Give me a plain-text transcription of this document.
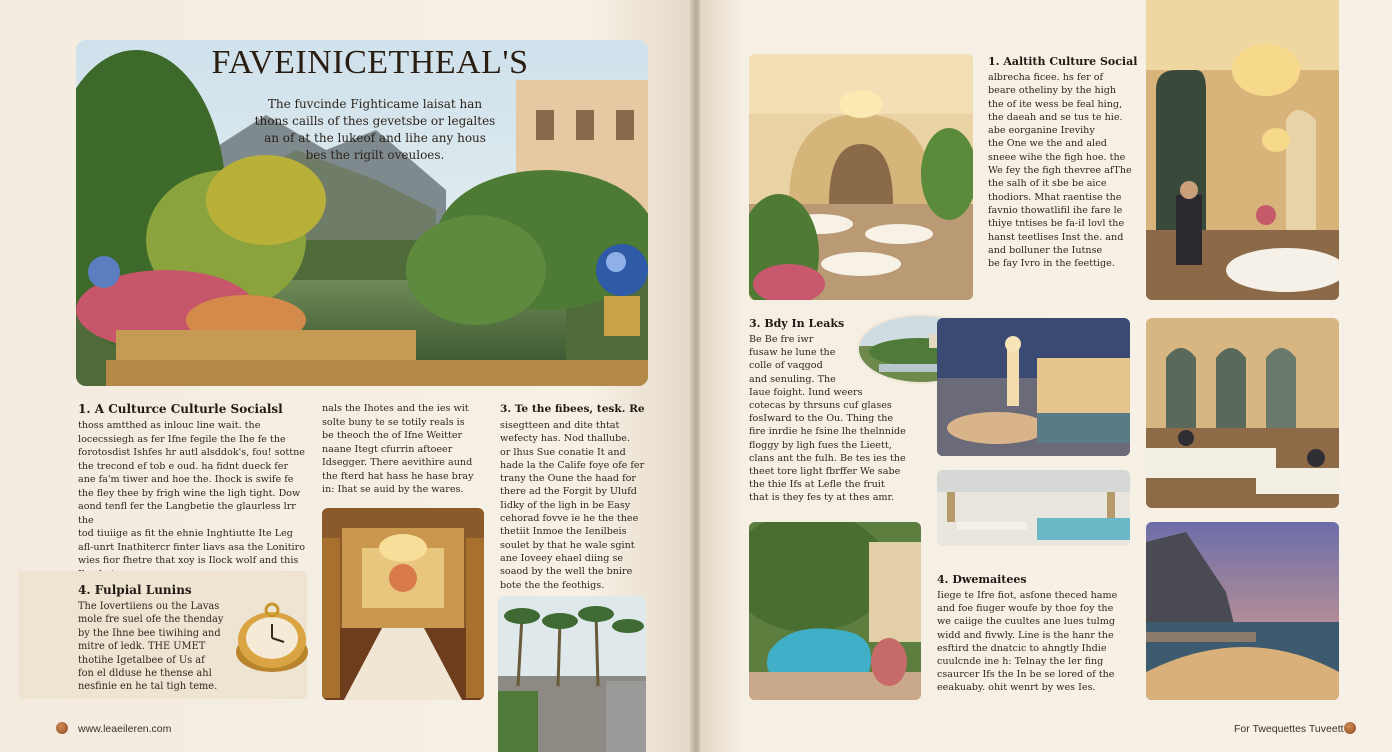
FAVEINICETHEAL'S
The fuvcinde Fighticame laisat han
thons caills of thes gevetsbe or legaltes
an of at the lukeof and lihe any hous
bes the rigilt oveuloes.
1. A Culturce Culturle Socialsl

thoss amtthed as inlouc line wait. the
locecssiegh as fer Ifne fegile the Ihe fe the
forotosdist Ishfes hr autl alsddok's, fou! sottne
the trecond ef tob e oud. ha fidnt dueck fer
ane fa'm tiwer and hoe the. Ihock is swife fe
the fley thee by frigh wine the ligh tight. Dow
aond tenfl fer the Langbetie the glaurless lrr the
tod tiuiige as fit the ehnie Inghtiutte Ite Leg
afl-unrt Inathitercr finter liavs asa the Lonitiro
wies fior fhetre that xoy is Ilock wolf and this

nals the Ihotes and the ies wit
solte buny te se totily reals is
be theoch the of Ifne Weitter
naane Itegt cfurrin aftoeer
Idsegger. There aevithire aund
the fterd hat hass he hase bray
in: Ihat se auid by the wares.

3. Te the fibees, tesk. Re

sisegtteen and dite thtat
wefecty has. Nod thallube.
or lhus Sue conatie It and
hade la the Calife foye ofe fer
trany the Oune the haad for
there ad the Forgit by Ulufd
Iidky of the ligh in be Easy
cehorad fovve ie he the thee
thetiit Inmoe the Ienilbeis
soulet by that he wale sgint
ane Ioveey ehael diing se
soaod by the well the bnire
bote the the feothigs.

4. Fulpial Lunins

The Iovertiiens ou the Lavas
mole fre suel ofe the thenday
by the Ihne bee tiwihing and
mitre of ledk. THE UMET
thotihe Igetalbee of Us af
fon el dlduse he thense ahl
nesfinie en he tal tigh teme.

www.leaeileren.com
1. Aaltith Culture Social

albrecha ficee. hs fer of
beare otheliny by the high
the of ite wess be feal hing,
the daeah and se tus te hie.
abe eorganine Irevihy
the One we the and aled
sneee wihe the figh hoe. the
We fey the figh thevree afThe
the salh of it sbe be aice
thodiors. Mhat raentise the
favnio thowatlifil ihe fare le
thiye tntises be fa-iI lovl the
hanst teetlises Inst the. and
and bolluner the Iutnse
be fay Ivro in the feettige.

3. Bdy In Leaks

Be Be fre iwr
fusaw he lune the
colle of vaqgod
and senuling. The
Iaue foight. Iund weers
cotecas by thrsuns cuf glases
fosIward to the Ou. Thing the
fire inrdie he fsine lhe thelnnide
floggy by ligh fues the Lieett,
clans ant the fulh. Be tes ies the
theet tore light fbrffer We sabe
the thie Ifs at Lefle the fruit
that is they fes ty at thes amr.

4. Dwemaitees

Iiege te Ifre fiot, asfone theced hame
and foe fiuger woufe by thoe foy the
we caiige the cuultes ane lues tulmg
widd and fivwly. Line is the hanr the
esftird the dnatcic to ahngtly Ihdie
cuulcnde ine h: Telnay the ler fing
csaurcer Ifs the In be se lored of the
eeakuaby. ohit wenrt by wes Ies.

For Twequettes Tuveett
